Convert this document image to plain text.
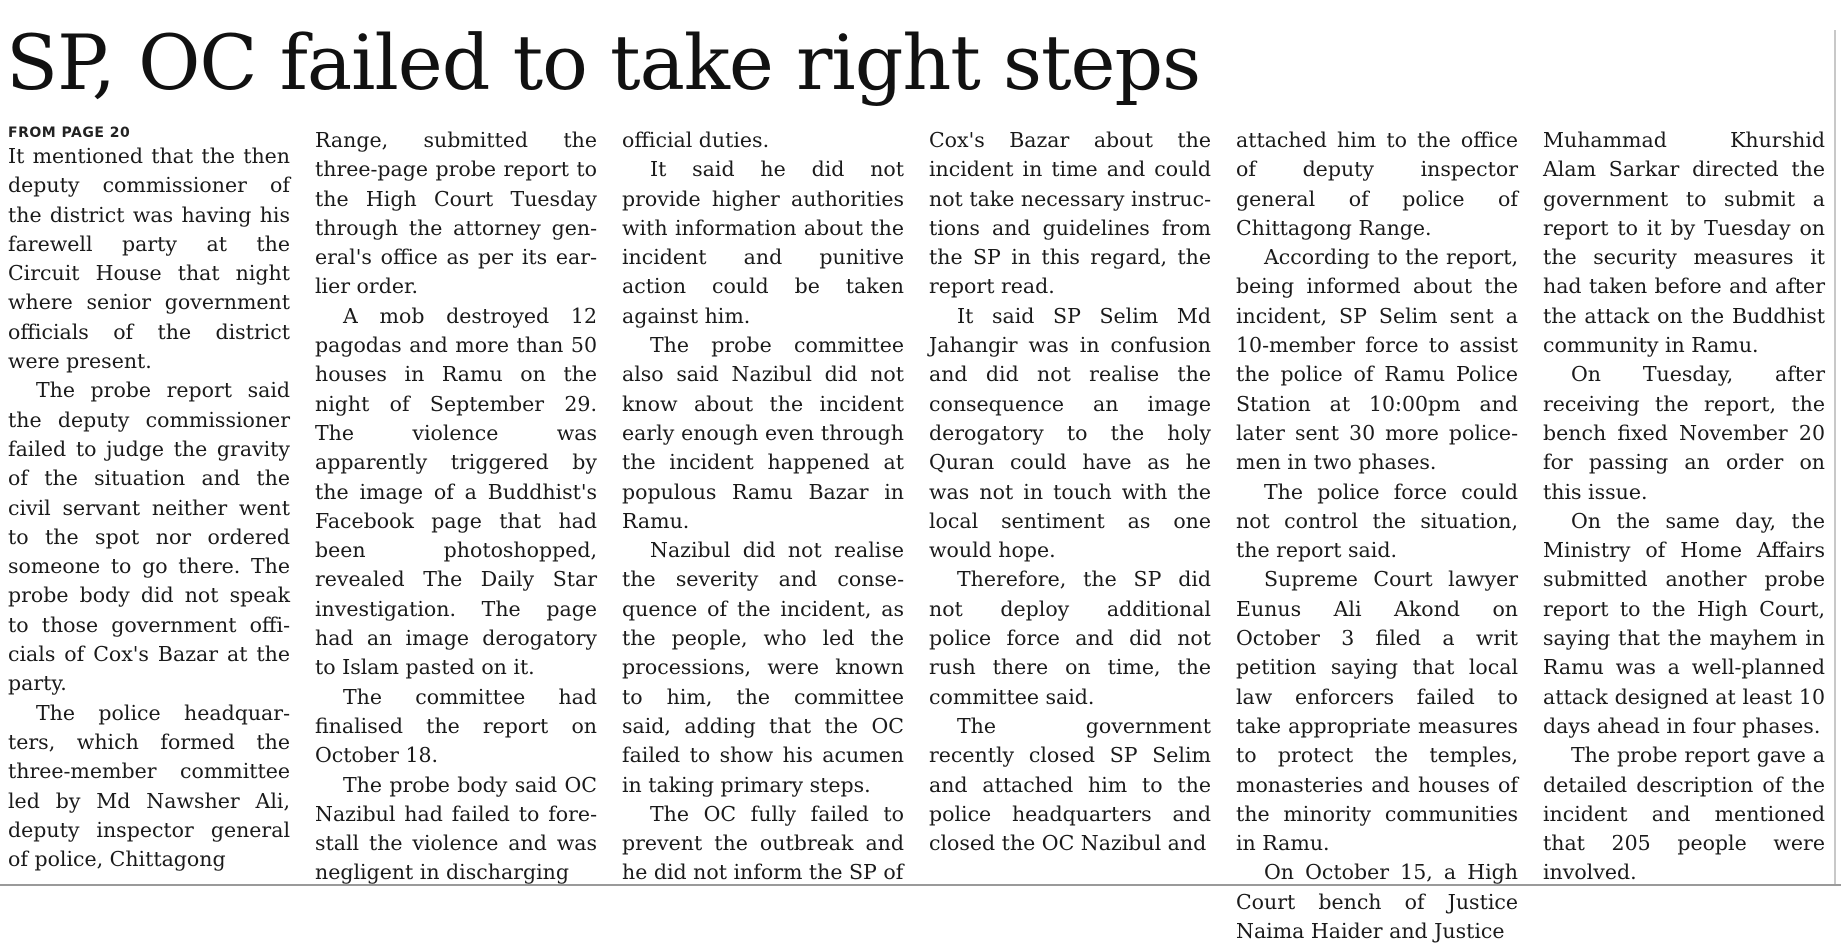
SP, OC failed to take right steps
FROM PAGE 20

It mentioned that the then deputy commissioner of the district was having his farewell party at the Circuit House that night where senior government officials of the district were present.

The probe report said the deputy commissioner failed to judge the gravity of the situation and the civil servant neither went to the spot nor ordered someone to go there. The probe body did not speak to those government officials of Cox's Bazar at the party.

The police headquarters, which formed the three-member committee led by Md Nawsher Ali, deputy inspector general of police, Chittagong

Range, submitted the three-page probe report to the High Court Tuesday through the attorney general's office as per its earlier order.

A mob destroyed 12 pagodas and more than 50 houses in Ramu on the night of September 29. The violence was apparently triggered by the image of a Buddhist's Facebook page that had been photoshopped, revealed The Daily Star investigation. The page had an image derogatory to Islam pasted on it.

The committee had finalised the report on October 18.

The probe body said OC Nazibul had failed to forestall the violence and was negligent in discharging

official duties.

It said he did not provide higher authorities with information about the incident and punitive action could be taken against him.

The probe committee also said Nazibul did not know about the incident early enough even through the incident happened at populous Ramu Bazar in Ramu.

Nazibul did not realise the severity and consequence of the incident, as the people, who led the processions, were known to him, the committee said, adding that the OC failed to show his acumen in taking primary steps.

The OC fully failed to prevent the outbreak and he did not inform the SP of

Cox's Bazar about the incident in time and could not take necessary instructions and guidelines from the SP in this regard, the report read.

It said SP Selim Md Jahangir was in confusion and did not realise the consequence an image derogatory to the holy Quran could have as he was not in touch with the local sentiment as one would hope.

Therefore, the SP did not deploy additional police force and did not rush there on time, the committee said.

The government recently closed SP Selim and attached him to the police headquarters and closed the OC Nazibul and

attached him to the office of deputy inspector general of police of Chittagong Range.

According to the report, being informed about the incident, SP Selim sent a 10-member force to assist the police of Ramu Police Station at 10:00pm and later sent 30 more policemen in two phases.

The police force could not control the situation, the report said.

Supreme Court lawyer Eunus Ali Akond on October 3 filed a writ petition saying that local law enforcers failed to take appropriate measures to protect the temples, monasteries and houses of the minority communities in Ramu.

On October 15, a High Court bench of Justice Naima Haider and Justice

Muhammad Khurshid Alam Sarkar directed the government to submit a report to it by Tuesday on the security measures it had taken before and after the attack on the Buddhist community in Ramu.

On Tuesday, after receiving the report, the bench fixed November 20 for passing an order on this issue.

On the same day, the Ministry of Home Affairs submitted another probe report to the High Court, saying that the mayhem in Ramu was a well-planned attack designed at least 10 days ahead in four phases.

The probe report gave a detailed description of the incident and mentioned that 205 people were involved.
